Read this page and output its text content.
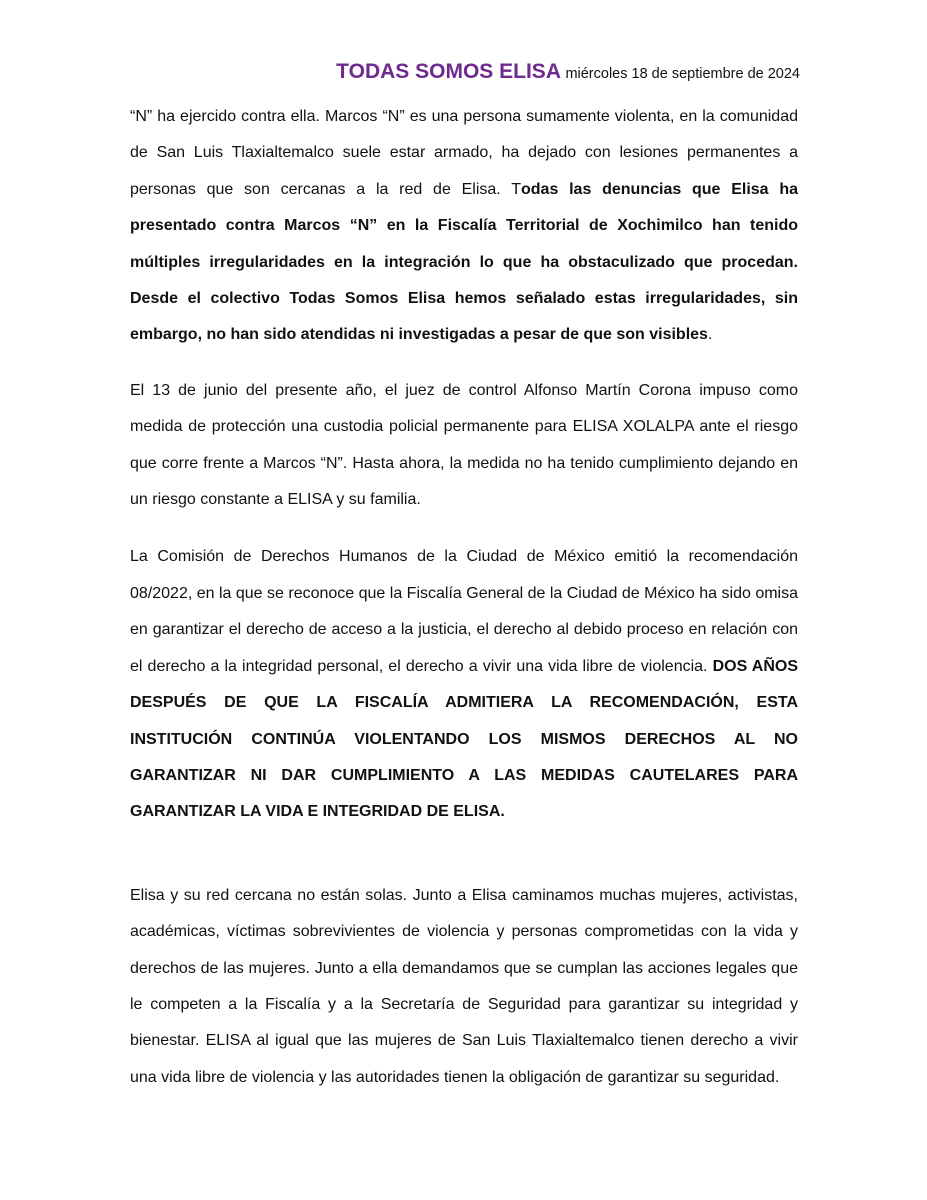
TODAS SOMOS ELISA miércoles 18 de septiembre de 2024

“N” ha ejercido contra ella. Marcos “N” es una persona sumamente violenta, en la comunidad de San Luis Tlaxialtemalco suele estar armado, ha dejado con lesiones permanentes a personas que son cercanas a la red de Elisa. Todas las denuncias que Elisa ha presentado contra Marcos “N” en la Fiscalía Territorial de Xochimilco han tenido múltiples irregularidades en la integración lo que ha obstaculizado que procedan. Desde el colectivo Todas Somos Elisa hemos señalado estas irregularidades, sin embargo, no han sido atendidas ni investigadas a pesar de que son visibles.

El 13 de junio del presente año, el juez de control Alfonso Martín Corona impuso como medida de protección una custodia policial permanente para ELISA XOLALPA ante el riesgo que corre frente a Marcos “N”. Hasta ahora, la medida no ha tenido cumplimiento dejando en un riesgo constante a ELISA y su familia.

La Comisión de Derechos Humanos de la Ciudad de México emitió la recomendación 08/2022, en la que se reconoce que la Fiscalía General de la Ciudad de México ha sido omisa en garantizar el derecho de acceso a la justicia, el derecho al debido proceso en relación con el derecho a la integridad personal, el derecho a vivir una vida libre de violencia. DOS AÑOS DESPUÉS DE QUE LA FISCALÍA ADMITIERA LA RECOMENDACIÓN, ESTA INSTITUCIÓN CONTINÚA VIOLENTANDO LOS MISMOS DERECHOS AL NO GARANTIZAR NI DAR CUMPLIMIENTO A LAS MEDIDAS CAUTELARES PARA GARANTIZAR LA VIDA E INTEGRIDAD DE ELISA.

Elisa y su red cercana no están solas. Junto a Elisa caminamos muchas mujeres, activistas, académicas, víctimas sobrevivientes de violencia y personas comprometidas con la vida y derechos de las mujeres. Junto a ella demandamos que se cumplan las acciones legales que le competen a la Fiscalía y a la Secretaría de Seguridad para garantizar su integridad y bienestar. ELISA al igual que las mujeres de San Luis Tlaxialtemalco tienen derecho a vivir una vida libre de violencia y las autoridades tienen la obligación de garantizar su seguridad.
